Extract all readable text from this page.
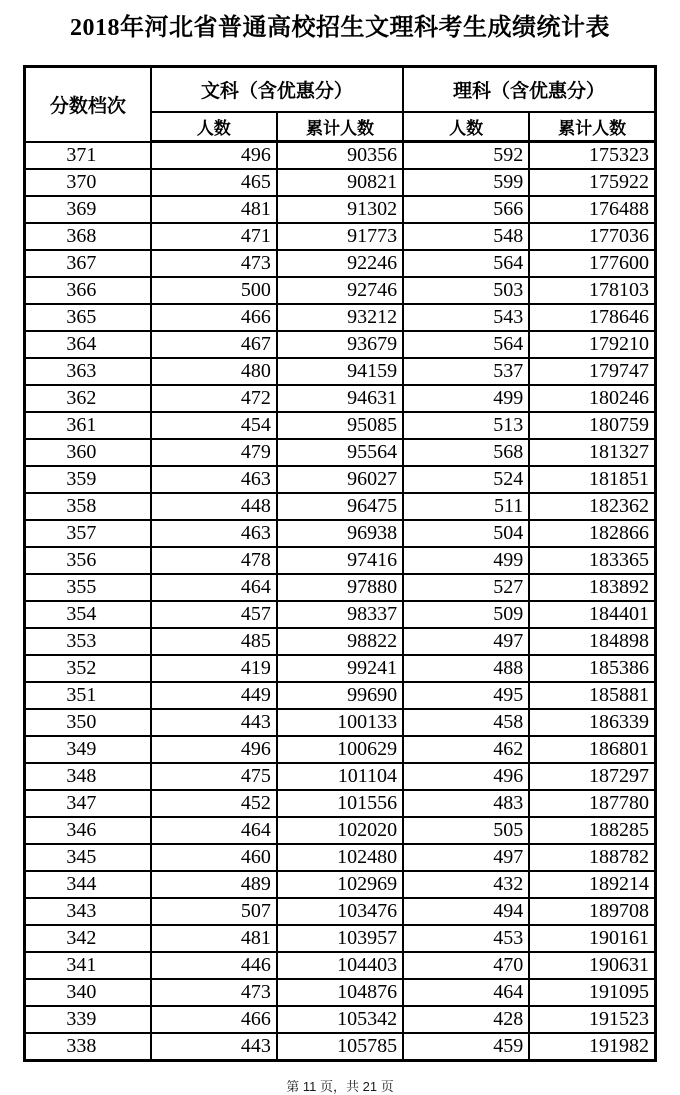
2018年河北省普通高校招生文理科考生成绩统计表
分数档次	文科（含优惠分）		理科（含优惠分）	
	人数	累计人数	人数	累计人数
371	496	90356	592	175323
370	465	90821	599	175922
369	481	91302	566	176488
368	471	91773	548	177036
367	473	92246	564	177600
366	500	92746	503	178103
365	466	93212	543	178646
364	467	93679	564	179210
363	480	94159	537	179747
362	472	94631	499	180246
361	454	95085	513	180759
360	479	95564	568	181327
359	463	96027	524	181851
358	448	96475	511	182362
357	463	96938	504	182866
356	478	97416	499	183365
355	464	97880	527	183892
354	457	98337	509	184401
353	485	98822	497	184898
352	419	99241	488	185386
351	449	99690	495	185881
350	443	100133	458	186339
349	496	100629	462	186801
348	475	101104	496	187297
347	452	101556	483	187780
346	464	102020	505	188285
345	460	102480	497	188782
344	489	102969	432	189214
343	507	103476	494	189708
342	481	103957	453	190161
341	446	104403	470	190631
340	473	104876	464	191095
339	466	105342	428	191523
338	443	105785	459	191982
第 11 页，共 21 页
